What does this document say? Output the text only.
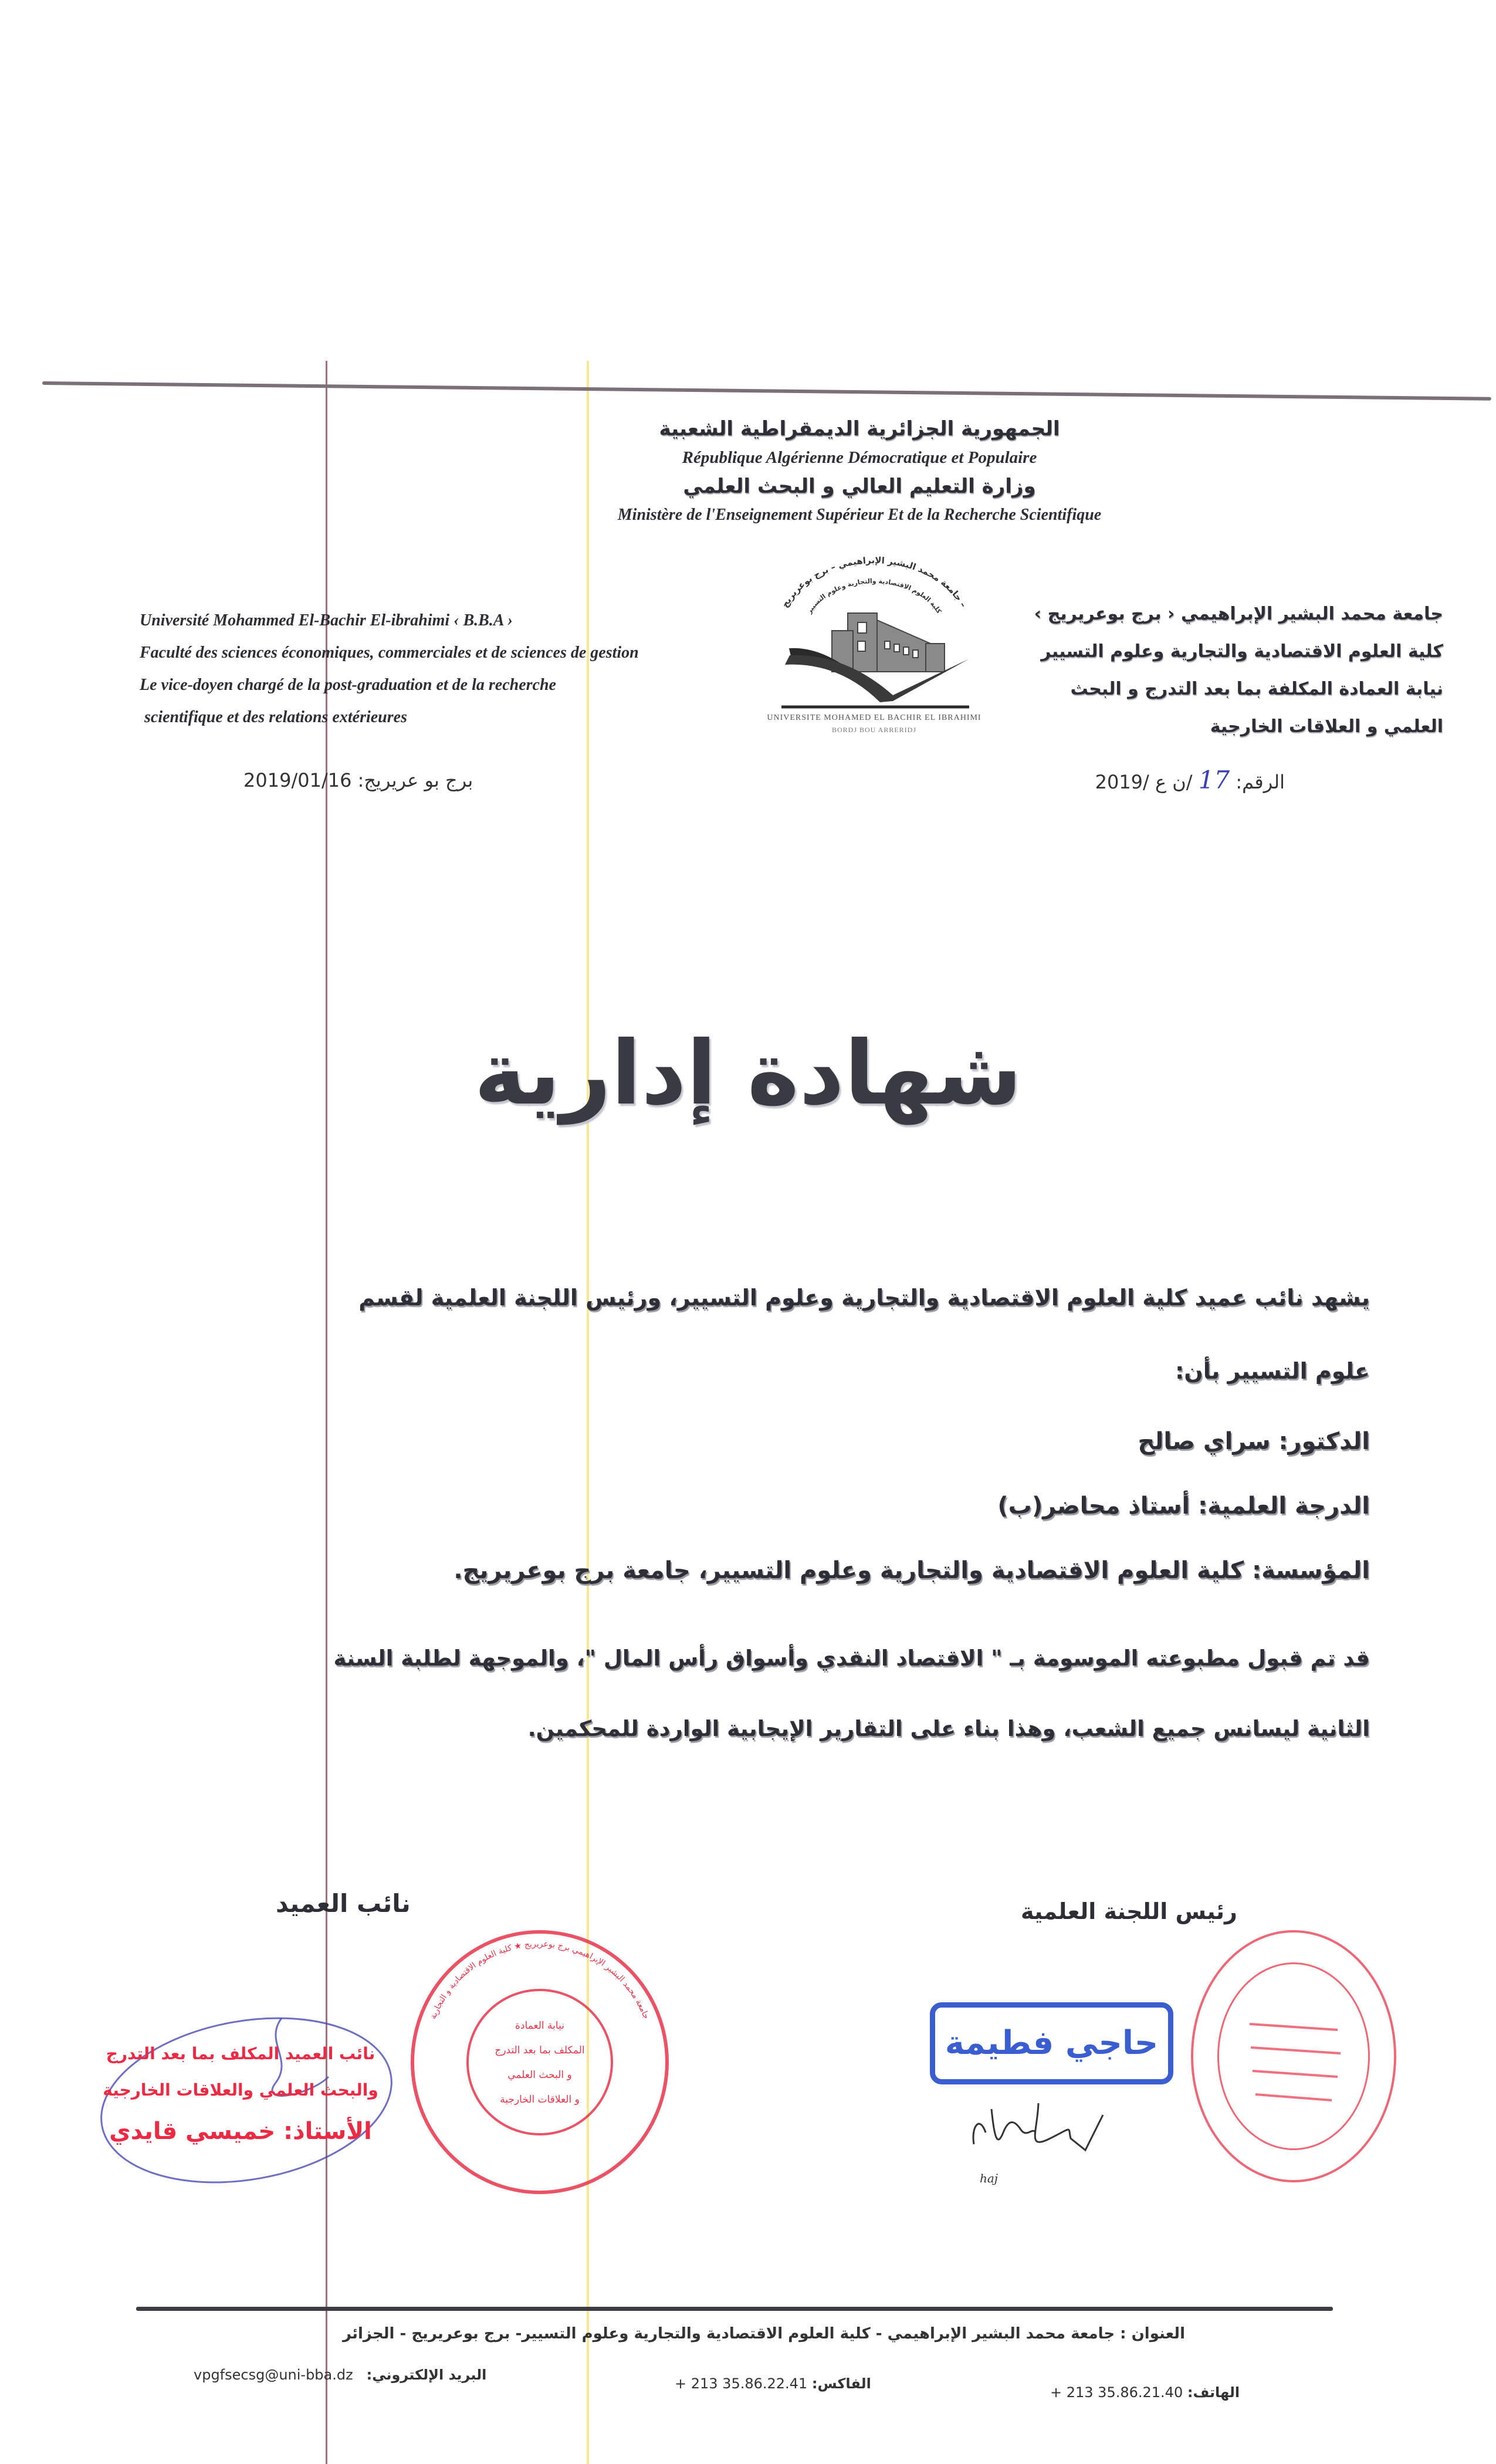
الجمهورية الجزائرية الديمقراطية الشعبية
République Algérienne Démocratique et Populaire
وزارة التعليم العالي و البحث العلمي
Ministère de l'Enseignement Supérieur Et de la Recherche Scientifique
Université Mohammed El-Bachir El-ibrahimi ‹ B.B.A ›
Faculté des sciences économiques, commerciales et de sciences de gestion
Le vice-doyen chargé de la post-graduation et de la recherche
scientifique et des relations extérieures
جامعة محمد البشير الإبراهيمي – برج بوعريريج –
كلية العلوم الاقتصادية والتجارية وعلوم التسيير
UNIVERSITE MOHAMED EL BACHIR EL IBRAHIMI
BORDJ BOU ARRERIDJ
جامعة محمد البشير الإبراهيمي ‹ برج بوعريريج ›
كلية العلوم الاقتصادية والتجارية وعلوم التسيير
نيابة العمادة المكلفة بما بعد التدرج و البحث
العلمي و العلاقات الخارجية
2019/01/16 برج بو عريريج:	/ن ع /2019 17 الرقم:
شهادة إدارية
يشهد نائب عميد كلية العلوم الاقتصادية والتجارية وعلوم التسيير، ورئيس اللجنة العلمية لقسم
علوم التسيير بأن:
الدكتور: سراي صالح
الدرجة العلمية: أستاذ محاضر(ب)
المؤسسة: كلية العلوم الاقتصادية والتجارية وعلوم التسيير، جامعة برج بوعريريج.
قد تم قبول مطبوعته الموسومة بـ " الاقتصاد النقدي وأسواق رأس المال "، والموجهة لطلبة السنة
الثانية ليسانس جميع الشعب، وهذا بناء على التقارير الإيجابية الواردة للمحكمين.
نائب العميد
نائب العميد المكلف بما بعد التدرج
والبحث العلمي والعلاقات الخارجية
الأستاذ: خميسي قايدي
جامعة محمد البشير الإبراهيمي برج بوعريريج ★ كلية العلوم الاقتصادية و التجارية
نيابة العمادة
المكلف بما بعد التدرج
و البحث العلمي
و العلاقات الخارجية
رئيس اللجنة العلمية
حاجي فطيمة
haj
العنوان : جامعة محمد البشير الإبراهيمي - كلية العلوم الاقتصادية والتجارية وعلوم التسيير- برج بوعريريج - الجزائر
vpgfsecsg@uni-bba.dz البريد الإلكتروني:
+ 213 35.86.22.41 الفاكس:
+ 213 35.86.21.40 الهاتف:
